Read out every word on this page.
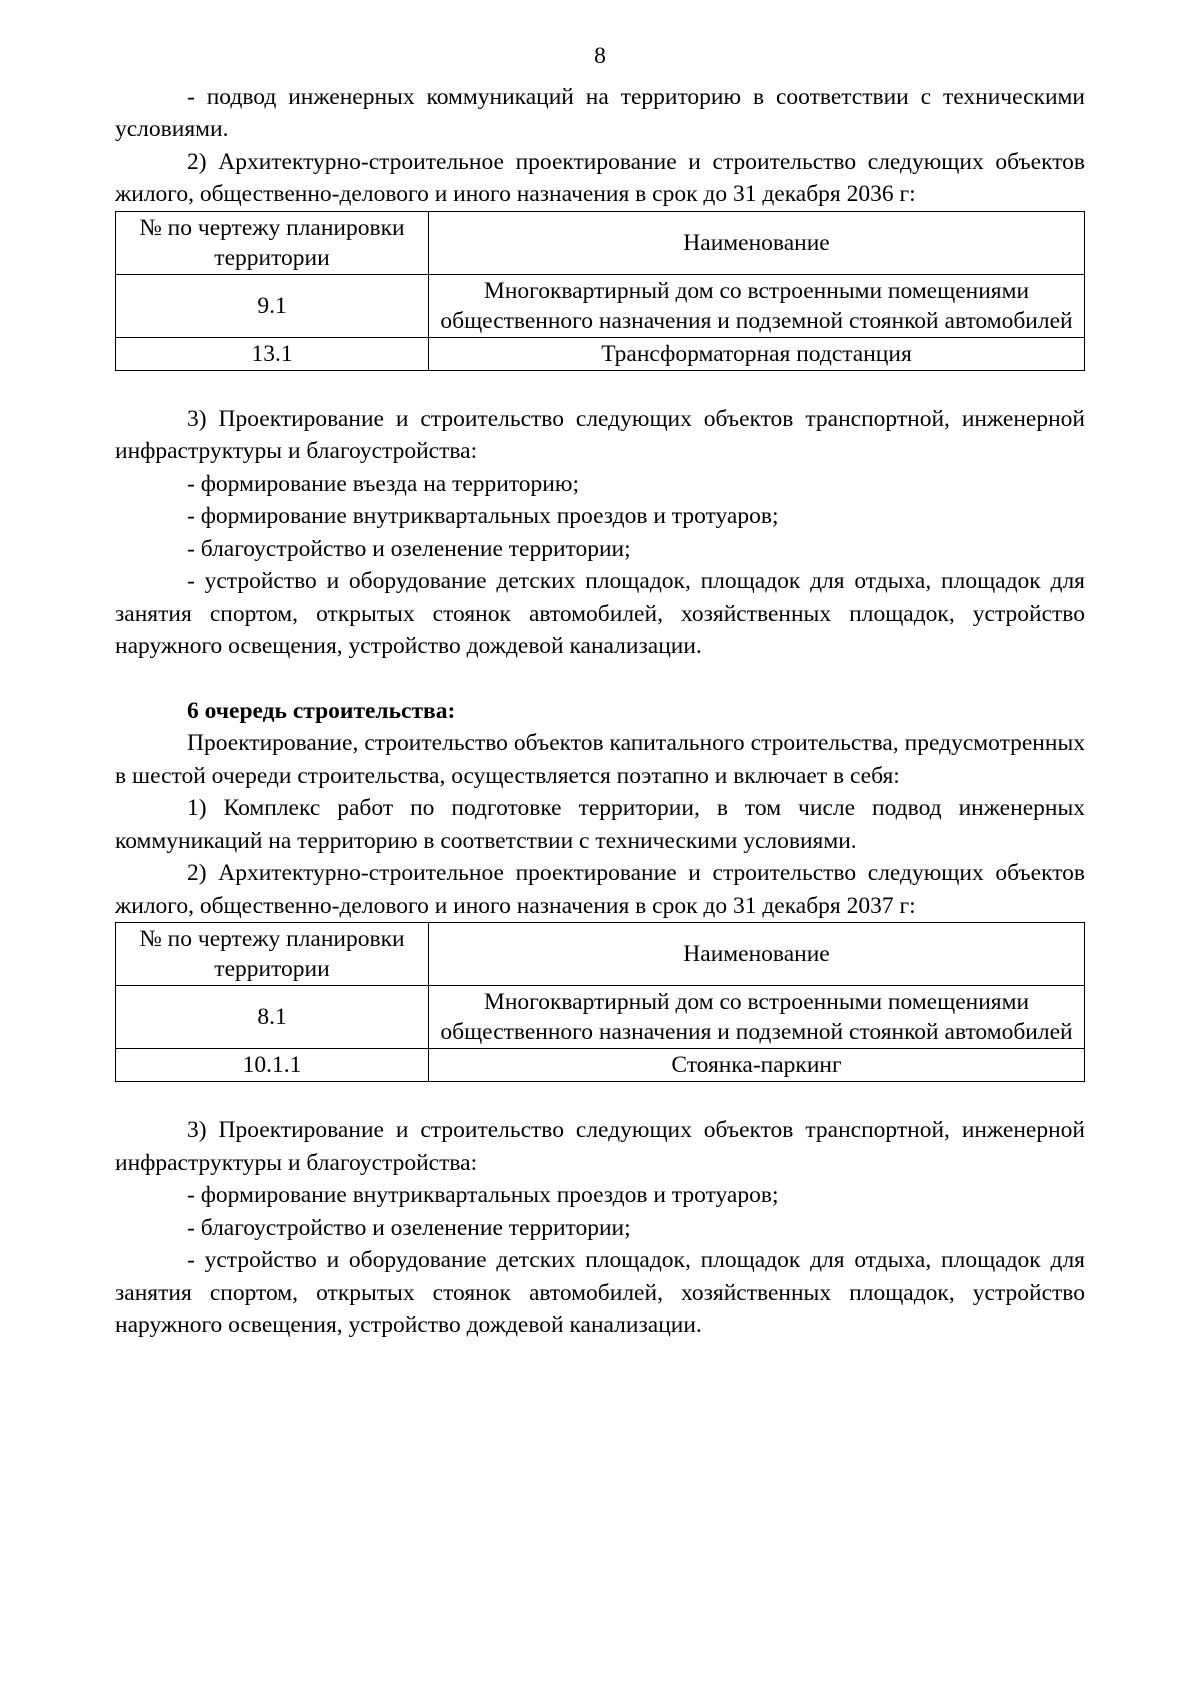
8

- подвод инженерных коммуникаций на территорию в соответствии с техническими условиями.

2) Архитектурно-строительное проектирование и строительство следующих объектов жилого, общественно-делового и иного назначения в срок до 31 декабря 2036 г:

№ по чертежу планировки территории	Наименование
9.1	Многоквартирный дом со встроенными помещениями общественного назначения и подземной стоянкой автомобилей
13.1	Трансформаторная подстанция

3) Проектирование и строительство следующих объектов транспортной, инженерной инфраструктуры и благоустройства:

- формирование въезда на территорию;

- формирование внутриквартальных проездов и тротуаров;

- благоустройство и озеленение территории;

- устройство и оборудование детских площадок, площадок для отдыха, площадок для занятия спортом, открытых стоянок автомобилей, хозяйственных площадок, устройство наружного освещения, устройство дождевой канализации.

6 очередь строительства:

Проектирование, строительство объектов капитального строительства, предусмотренных в шестой очереди строительства, осуществляется поэтапно и включает в себя:

1) Комплекс работ по подготовке территории, в том числе подвод инженерных коммуникаций на территорию в соответствии с техническими условиями.

2) Архитектурно-строительное проектирование и строительство следующих объектов жилого, общественно-делового и иного назначения в срок до 31 декабря 2037 г:

№ по чертежу планировки территории	Наименование
8.1	Многоквартирный дом со встроенными помещениями общественного назначения и подземной стоянкой автомобилей
10.1.1	Стоянка-паркинг

3) Проектирование и строительство следующих объектов транспортной, инженерной инфраструктуры и благоустройства:

- формирование внутриквартальных проездов и тротуаров;

- благоустройство и озеленение территории;

- устройство и оборудование детских площадок, площадок для отдыха, площадок для занятия спортом, открытых стоянок автомобилей, хозяйственных площадок, устройство наружного освещения, устройство дождевой канализации.
